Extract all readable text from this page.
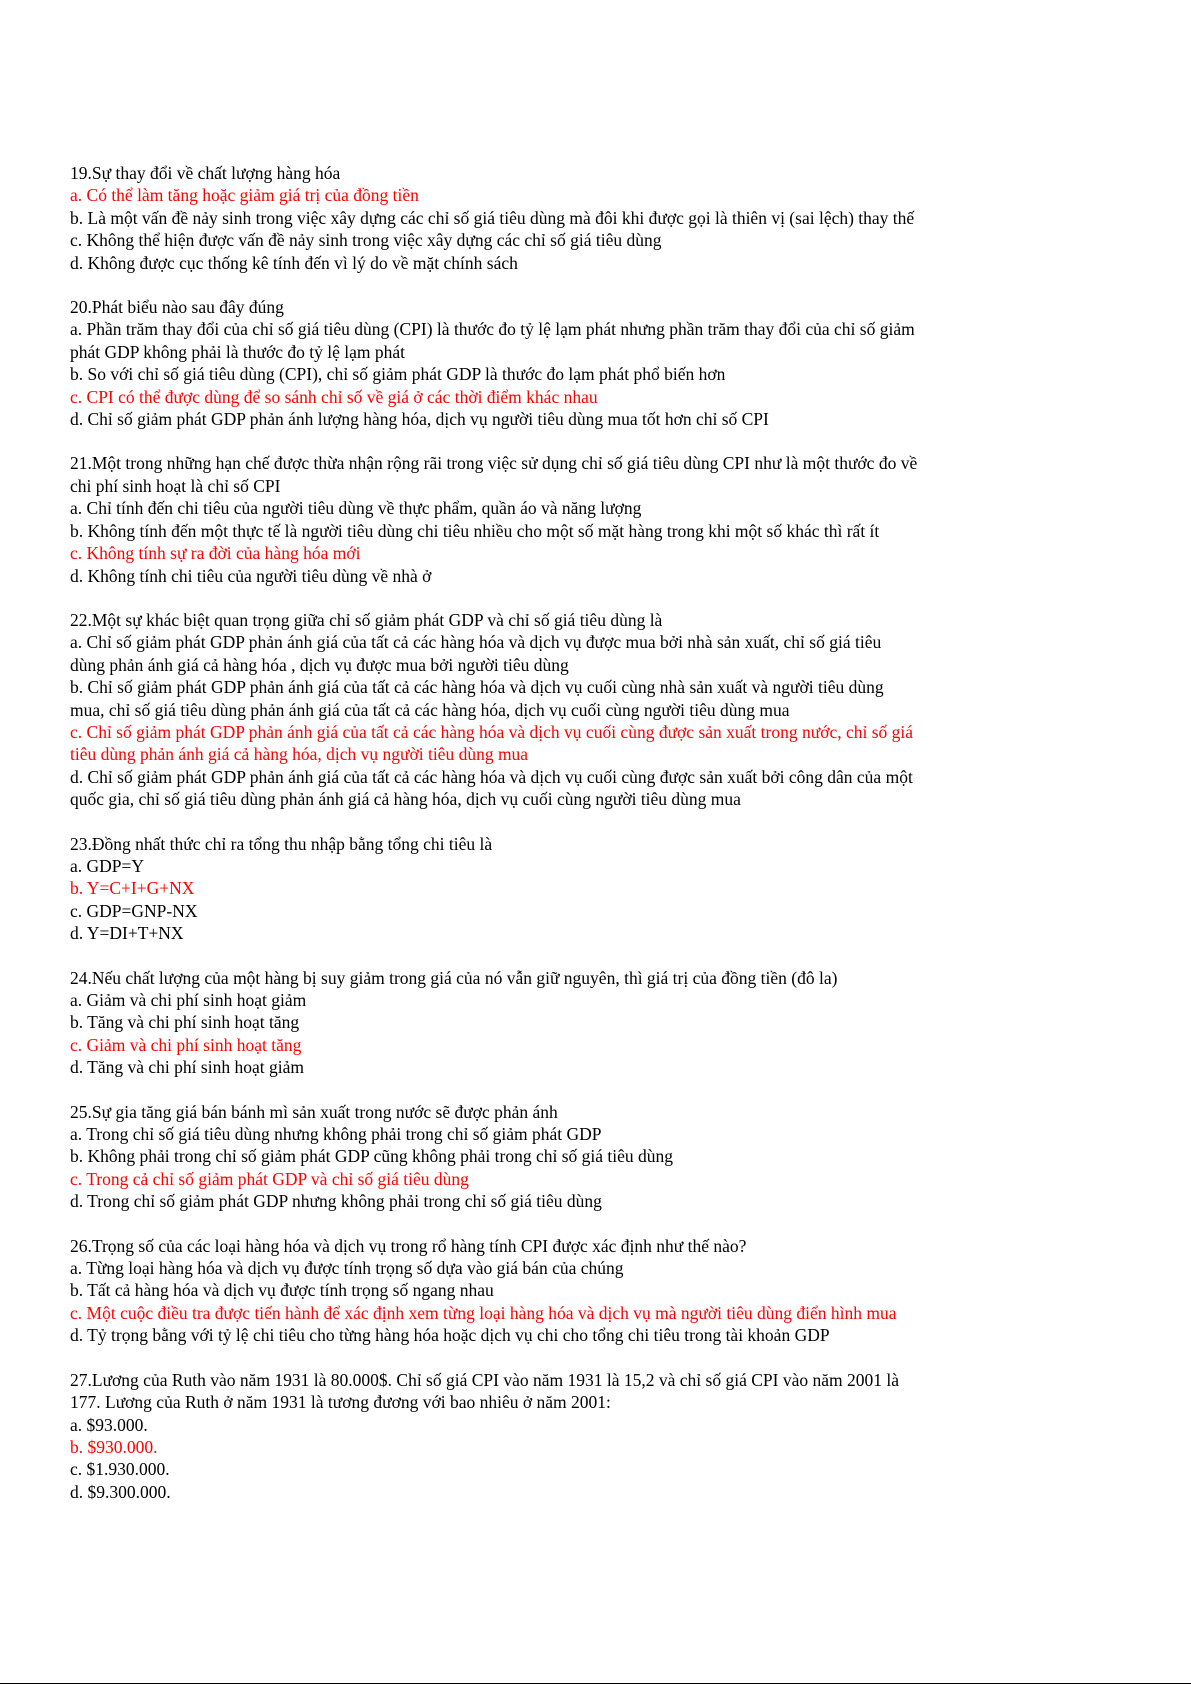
19.Sự thay đổi về chất lượng hàng hóa
a. Có thể làm tăng hoặc giảm giá trị của đồng tiền
b. Là một vấn đề nảy sinh trong việc xây dựng các chỉ số giá tiêu dùng mà đôi khi được gọi là thiên vị (sai lệch) thay thế
c. Không thể hiện được vấn đề nảy sinh trong việc xây dựng các chỉ số giá tiêu dùng
d. Không được cục thống kê tính đến vì lý do về mặt chính sách
20.Phát biểu nào sau đây đúng
a. Phần trăm thay đổi của chỉ số giá tiêu dùng (CPI) là thước đo tỷ lệ lạm phát nhưng phần trăm thay đổi của chỉ số giảm
phát GDP không phải là thước đo tỷ lệ lạm phát
b. So với chỉ số giá tiêu dùng (CPI), chỉ số giảm phát GDP là thước đo lạm phát phổ biến hơn
c. CPI có thể được dùng để so sánh chỉ số về giá ở các thời điểm khác nhau
d. Chỉ số giảm phát GDP phản ánh lượng hàng hóa, dịch vụ người tiêu dùng mua tốt hơn chỉ số CPI
21.Một trong những hạn chế được thừa nhận rộng rãi trong việc sử dụng chỉ số giá tiêu dùng CPI như là một thước đo về
chi phí sinh hoạt là chỉ số CPI
a. Chỉ tính đến chi tiêu của người tiêu dùng về thực phẩm, quần áo và năng lượng
b. Không tính đến một thực tế là người tiêu dùng chi tiêu nhiều cho một số mặt hàng trong khi một số khác thì rất ít
c. Không tính sự ra đời của hàng hóa mới
d. Không tính chi tiêu của người tiêu dùng về nhà ở
22.Một sự khác biệt quan trọng giữa chỉ số giảm phát GDP và chỉ số giá tiêu dùng là
a. Chỉ số giảm phát GDP phản ánh giá của tất cả các hàng hóa và dịch vụ được mua bởi nhà sản xuất, chỉ số giá tiêu
dùng phản ánh giá cả hàng hóa , dịch vụ được mua bởi người tiêu dùng
b. Chỉ số giảm phát GDP phản ánh giá của tất cả các hàng hóa và dịch vụ cuối cùng nhà sản xuất và người tiêu dùng
mua, chỉ số giá tiêu dùng phản ánh giá của tất cả các hàng hóa, dịch vụ cuối cùng người tiêu dùng mua
c. Chỉ số giảm phát GDP phản ánh giá của tất cả các hàng hóa và dịch vụ cuối cùng được sản xuất trong nước, chỉ số giá
tiêu dùng phản ánh giá cả hàng hóa, dịch vụ người tiêu dùng mua
d. Chỉ số giảm phát GDP phản ánh giá của tất cả các hàng hóa và dịch vụ cuối cùng được sản xuất bởi công dân của một
quốc gia, chỉ số giá tiêu dùng phản ánh giá cả hàng hóa, dịch vụ cuối cùng người tiêu dùng mua
23.Đồng nhất thức chỉ ra tổng thu nhập bằng tổng chi tiêu là
a. GDP=Y
b. Y=C+I+G+NX
c. GDP=GNP-NX
d. Y=DI+T+NX
24.Nếu chất lượng của một hàng bị suy giảm trong giá của nó vẫn giữ nguyên, thì giá trị của đồng tiền (đô la)
a. Giảm và chi phí sinh hoạt giảm
b. Tăng và chi phí sinh hoạt tăng
c. Giảm và chi phí sinh hoạt tăng
d. Tăng và chi phí sinh hoạt giảm
25.Sự gia tăng giá bán bánh mì sản xuất trong nước sẽ được phản ánh
a. Trong chỉ số giá tiêu dùng nhưng không phải trong chỉ số giảm phát GDP
b. Không phải trong chỉ số giảm phát GDP cũng không phải trong chỉ số giá tiêu dùng
c. Trong cả chỉ số giảm phát GDP và chỉ số giá tiêu dùng
d. Trong chỉ số giảm phát GDP nhưng không phải trong chỉ số giá tiêu dùng
26.Trọng số của các loại hàng hóa và dịch vụ trong rổ hàng tính CPI được xác định như thế nào?
a. Từng loại hàng hóa và dịch vụ được tính trọng số dựa vào giá bán của chúng
b. Tất cả hàng hóa và dịch vụ được tính trọng số ngang nhau
c. Một cuộc điều tra được tiến hành để xác định xem từng loại hàng hóa và dịch vụ mà người tiêu dùng điển hình mua
d. Tỷ trọng bằng với tỷ lệ chi tiêu cho từng hàng hóa hoặc dịch vụ chi cho tổng chi tiêu trong tài khoản GDP
27.Lương của Ruth vào năm 1931 là 80.000$. Chỉ số giá CPI vào năm 1931 là 15,2 và chỉ số giá CPI vào năm 2001 là
177. Lương của Ruth ở năm 1931 là tương đương với bao nhiêu ở năm 2001:
a. $93.000.
b. $930.000.
c. $1.930.000.
d. $9.300.000.
